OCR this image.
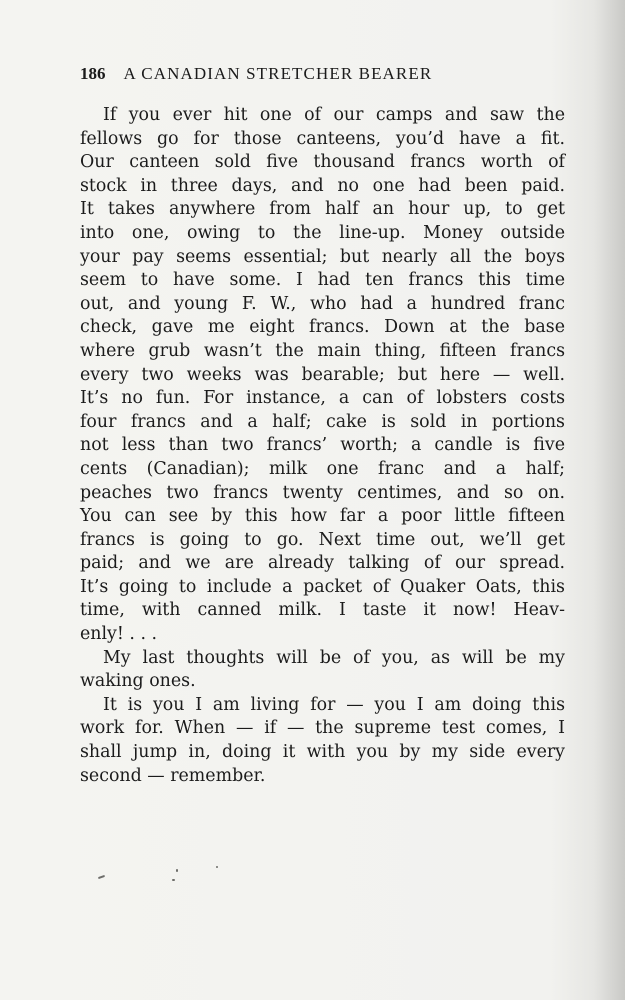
186 A CANADIAN STRETCHER BEARER
If you ever hit one of our camps and saw the
fellows go for those canteens, you’d have a fit.
Our canteen sold five thousand francs worth of
stock in three days, and no one had been paid.
It takes anywhere from half an hour up, to get
into one, owing to the line-up. Money outside
your pay seems essential; but nearly all the boys
seem to have some. I had ten francs this time
out, and young F. W., who had a hundred franc
check, gave me eight francs. Down at the base
where grub wasn’t the main thing, fifteen francs
every two weeks was bearable; but here — well.
It’s no fun. For instance, a can of lobsters costs
four francs and a half; cake is sold in portions
not less than two francs’ worth; a candle is five
cents (Canadian); milk one franc and a half;
peaches two francs twenty centimes, and so on.
You can see by this how far a poor little fifteen
francs is going to go. Next time out, we’ll get
paid; and we are already talking of our spread.
It’s going to include a packet of Quaker Oats, this
time, with canned milk. I taste it now! Heav-
enly! . . .
My last thoughts will be of you, as will be my
waking ones.
It is you I am living for — you I am doing this
work for. When — if — the supreme test comes, I
shall jump in, doing it with you by my side every
second — remember.
